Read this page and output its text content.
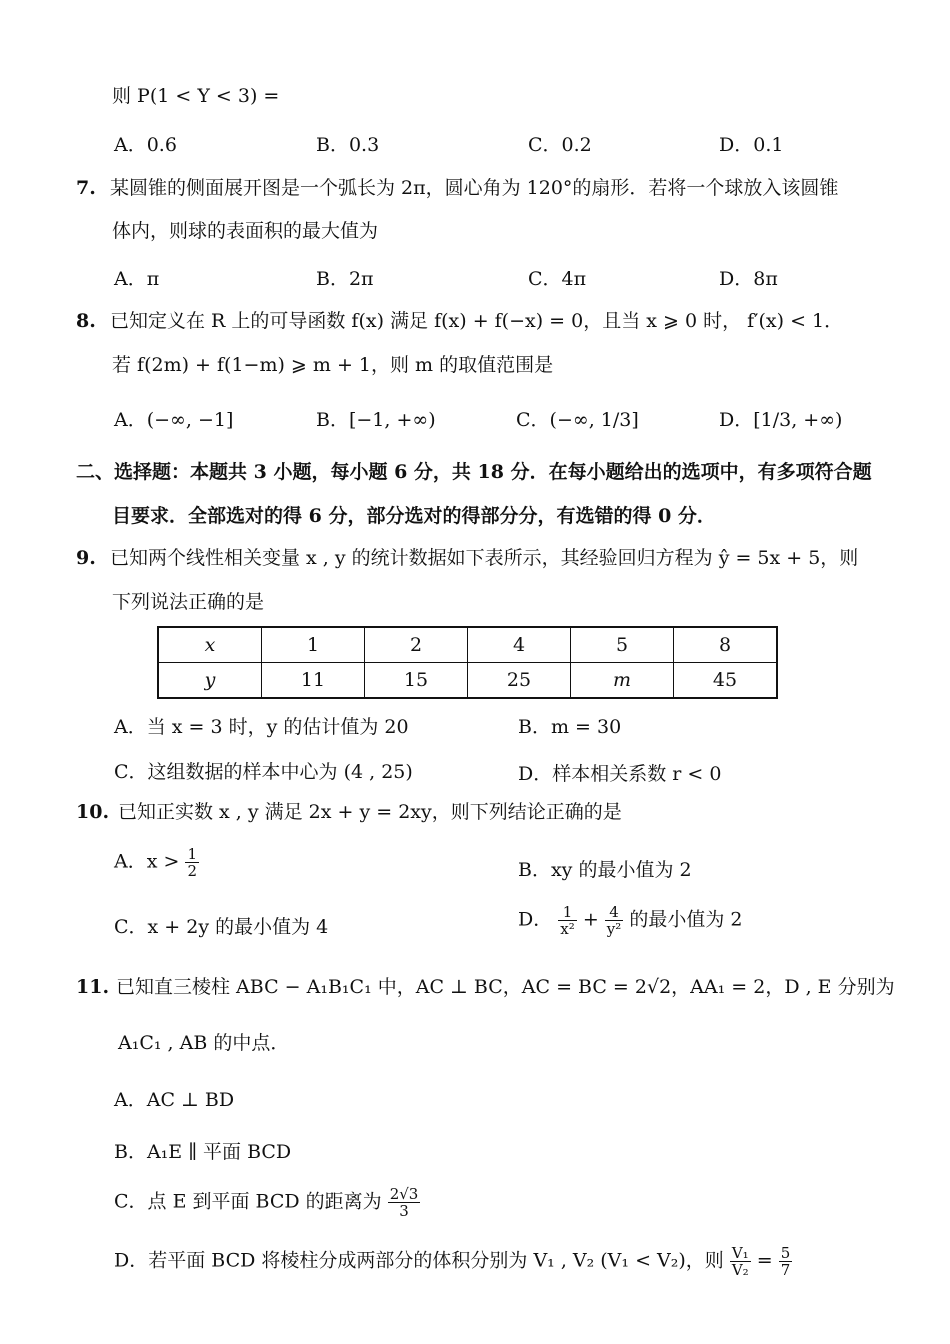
则 P(1 < Y < 3) =
A．0.6	B．0.3	C．0.2	D．0.1
7. 某圆锥的侧面展开图是一个弧长为 2π，圆心角为 120°的扇形．若将一个球放入该圆锥
体内，则球的表面积的最大值为
A．π	B．2π	C．4π	D．8π
8. 已知定义在 R 上的可导函数 f(x) 满足 f(x) + f(−x) = 0，且当 x ⩾ 0 时， f′(x) < 1．
若 f(2m) + f(1−m) ⩾ m + 1，则 m 的取值范围是
A．(−∞, −1]	B．[−1, +∞)	C．(−∞, 1/3]	D．[1/3, +∞)
二、选择题：本题共 3 小题，每小题 6 分，共 18 分．在每小题给出的选项中，有多项符合题
目要求．全部选对的得 6 分，部分选对的得部分分，有选错的得 0 分．
9. 已知两个线性相关变量 x , y 的统计数据如下表所示，其经验回归方程为 ŷ = 5x + 5，则
下列说法正确的是
x	1	2	4	5	8
y	11	15	25	m	45
A．当 x = 3 时，y 的估计值为 20	B．m = 30
C．这组数据的样本中心为 (4 , 25)	D．样本相关系数 r < 0
10. 已知正实数 x , y 满足 2x + y = 2xy，则下列结论正确的是
A．$x > \frac{1}{2}$	B．xy 的最小值为 2
C．x + 2y 的最小值为 4	D． $\frac{1}{\text{x²}} + \frac{4}{\text{y²}}$ 的最小值为 2
11. 已知直三棱柱 ABC − A₁B₁C₁ 中，AC ⊥ BC，AC = BC = 2√2，AA₁ = 2，D , E 分别为
A₁C₁ , AB 的中点．
A．AC ⊥ BD
B．A₁E ∥ 平面 BCD
C．点 E 到平面 BCD 的距离为 $\frac{2√3}{3}$
D．若平面 BCD 将棱柱分成两部分的体积分别为 V₁ , V₂ (V₁ < V₂)，则 $\frac{\text{V₁}}{\text{V₂}} = \frac{5}{7}$
